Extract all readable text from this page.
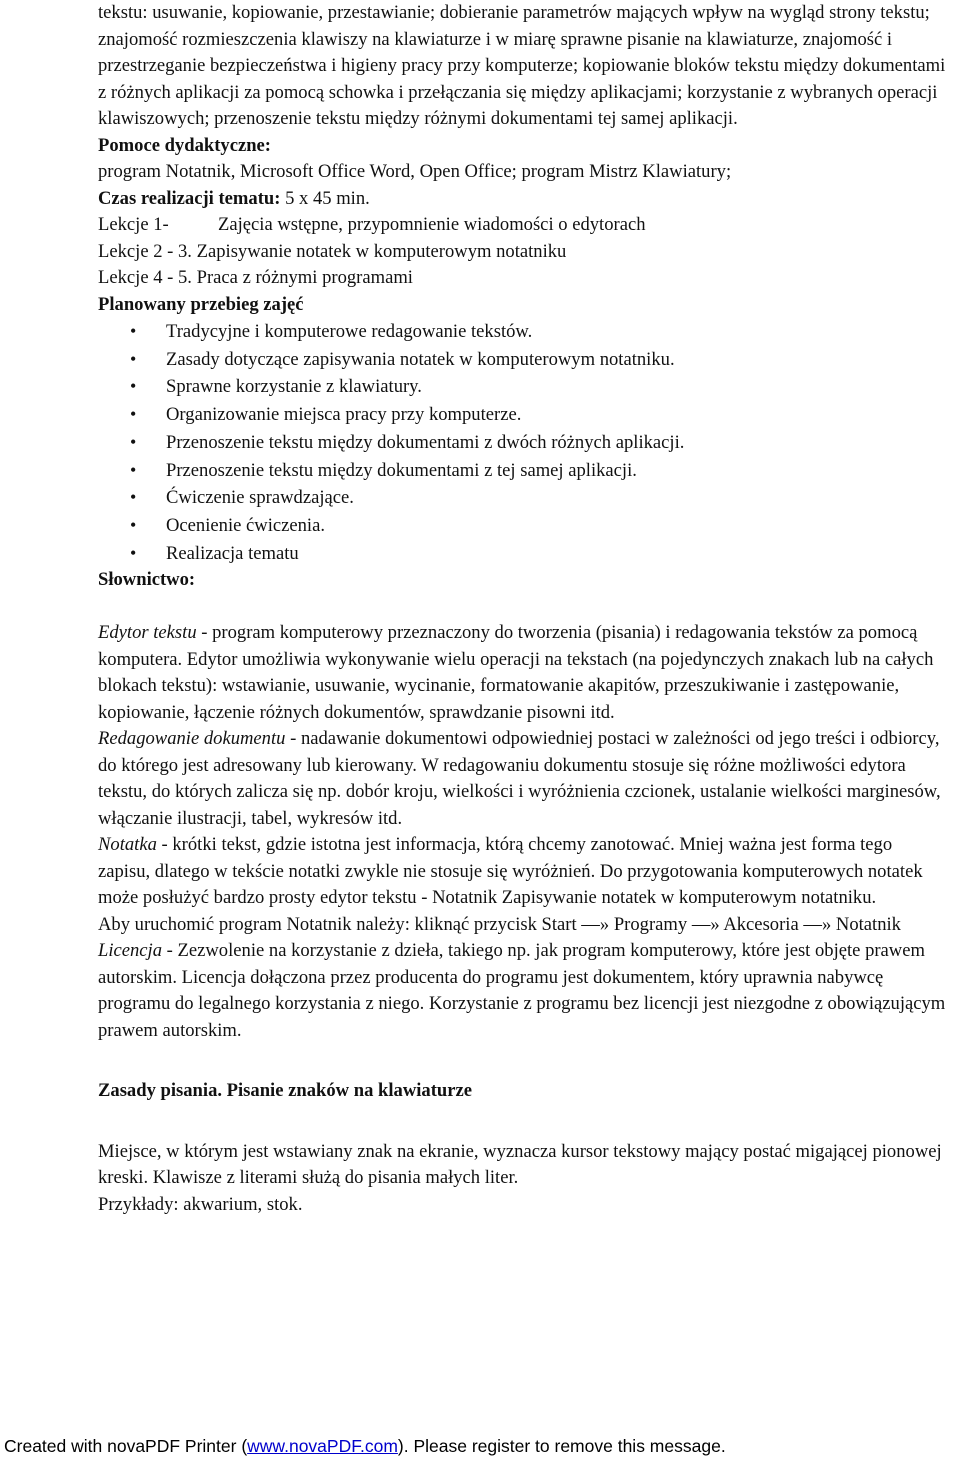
tekstu: usuwanie, kopiowanie, przestawianie; dobieranie parametrów mających wpływ na wygląd strony tekstu; znajomość rozmieszczenia klawiszy na klawiaturze i w miarę sprawne pisanie na klawiaturze, znajomość i przestrzeganie bezpieczeństwa i higieny pracy przy komputerze; kopiowanie bloków tekstu między dokumentami z różnych aplikacji za pomocą schowka i przełączania się między aplikacjami; korzystanie z wybranych operacji klawiszowych; przenoszenie tekstu między różnymi dokumentami tej samej aplikacji.

Pomoce dydaktyczne:

program Notatnik, Microsoft Office Word, Open Office; program Mistrz Klawiatury;

Czas realizacji tematu: 5 x 45 min.

Lekcje 1-	Zajęcia wstępne, przypomnienie wiadomości o edytorach

Lekcje 2 - 3. Zapisywanie notatek w komputerowym notatniku

Lekcje 4 - 5. Praca z różnymi programami

Planowany przebieg zajęć

• Tradycyjne i komputerowe redagowanie tekstów.
• Zasady dotyczące zapisywania notatek w komputerowym notatniku.
• Sprawne korzystanie z klawiatury.
• Organizowanie miejsca pracy przy komputerze.
• Przenoszenie tekstu między dokumentami z dwóch różnych aplikacji.
• Przenoszenie tekstu między dokumentami z tej samej aplikacji.
• Ćwiczenie sprawdzające.
• Ocenienie ćwiczenia.
• Realizacja tematu

Słownictwo:

Edytor tekstu - program komputerowy przeznaczony do tworzenia (pisania) i redagowania tekstów za pomocą komputera. Edytor umożliwia wykonywanie wielu operacji na tekstach (na pojedynczych znakach lub na całych blokach tekstu): wstawianie, usuwanie, wycinanie, formatowanie akapitów, przeszukiwanie i zastępowanie, kopiowanie, łączenie różnych dokumentów, sprawdzanie pisowni itd.

Redagowanie dokumentu - nadawanie dokumentowi odpowiedniej postaci w zależności od jego treści i odbiorcy, do którego jest adresowany lub kierowany. W redagowaniu dokumentu stosuje się różne możliwości edytora tekstu, do których zalicza się np. dobór kroju, wielkości i wyróżnienia czcionek, ustalanie wielkości marginesów, włączanie ilustracji, tabel, wykresów itd.

Notatka - krótki tekst, gdzie istotna jest informacja, którą chcemy zanotować. Mniej ważna jest forma tego zapisu, dlatego w tekście notatki zwykle nie stosuje się wyróżnień. Do przygotowania komputerowych notatek może posłużyć bardzo prosty edytor tekstu - Notatnik Zapisywanie notatek w komputerowym notatniku.

Aby uruchomić program Notatnik należy: kliknąć przycisk Start —» Programy —» Akcesoria —» Notatnik

Licencja - Zezwolenie na korzystanie z dzieła, takiego np. jak program komputerowy, które jest objęte prawem autorskim. Licencja dołączona przez producenta do programu jest dokumentem, który uprawnia nabywcę programu do legalnego korzystania z niego. Korzystanie z programu bez licencji jest niezgodne z obowiązującym prawem autorskim.

Zasady pisania. Pisanie znaków na klawiaturze

Miejsce, w którym jest wstawiany znak na ekranie, wyznacza kursor tekstowy mający postać migającej pionowej kreski. Klawisze z literami służą do pisania małych liter.

Przykłady: akwarium, stok.

Created with novaPDF Printer (www.novaPDF.com). Please register to remove this message.
